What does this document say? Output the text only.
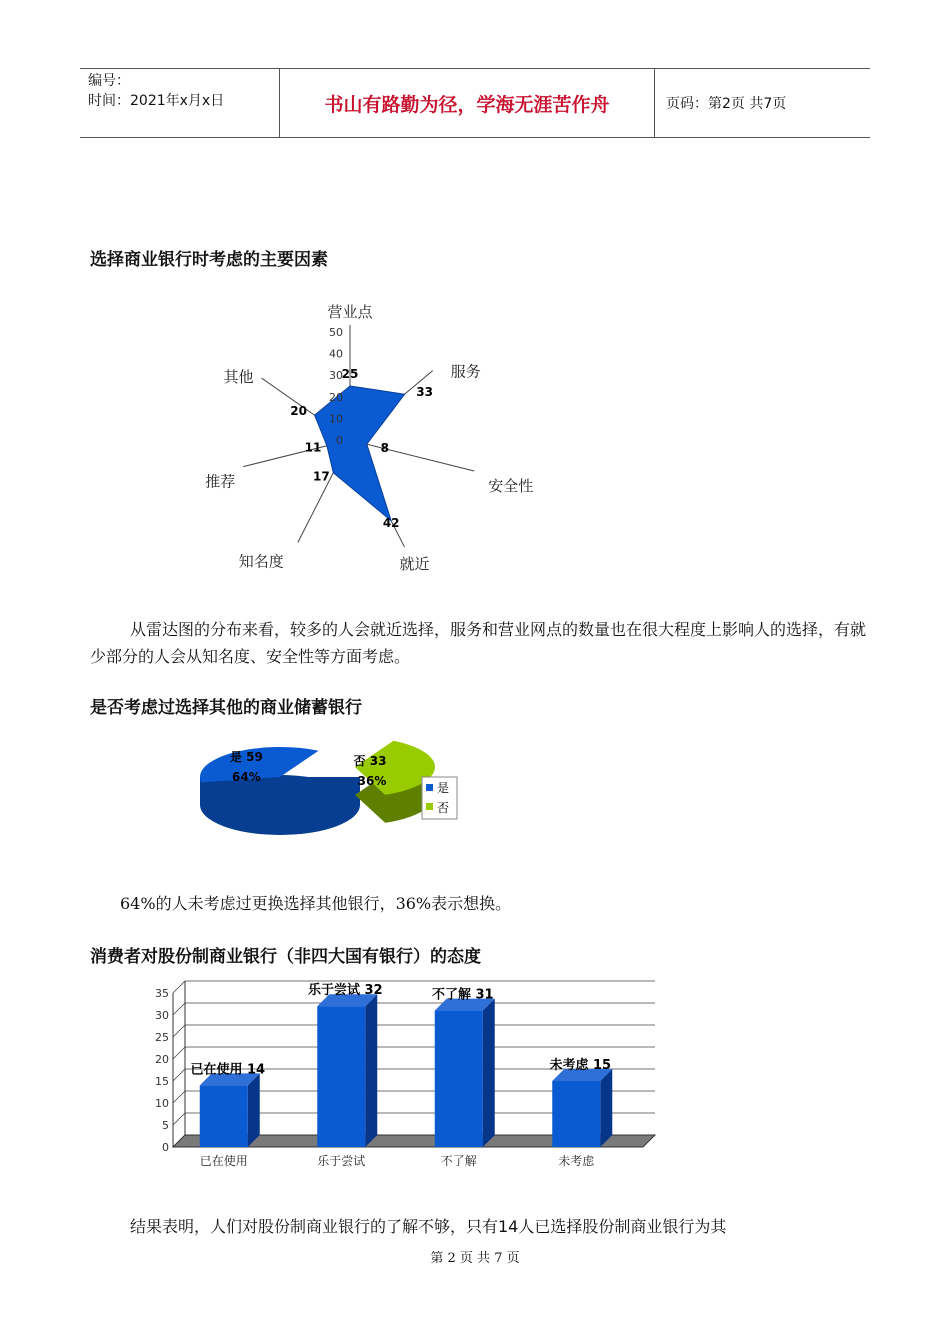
编号：
时间：2021年x月x日	书山有路勤为径，学海无涯苦作舟	页码：第2页 共7页
选择商业银行时考虑的主要因素
0
10
20
30
40
50
营业点
服务
安全性
就近
知名度
推荐
其他	25
33
8
42
17
11
20
从雷达图的分布来看，较多的人会就近选择，服务和营业网点的数量也在很大程度上影响人的选择，有就少部分的人会从知名度、安全性等方面考虑。
是否考虑过选择其他的商业储蓄银行
是 59
64%
否 33
36%	是
否
64%的人未考虑过更换选择其他银行，36%表示想换。
消费者对股份制商业银行（非四大国有银行）的态度
0
5
10
15
20
25
30
35
已在使用 14
已在使用
乐于尝试 32
乐于尝试
不了解 31
不了解
未考虑 15
未考虑
结果表明，人们对股份制商业银行的了解不够，只有14人已选择股份制商业银行为其
第 2 页 共 7 页
